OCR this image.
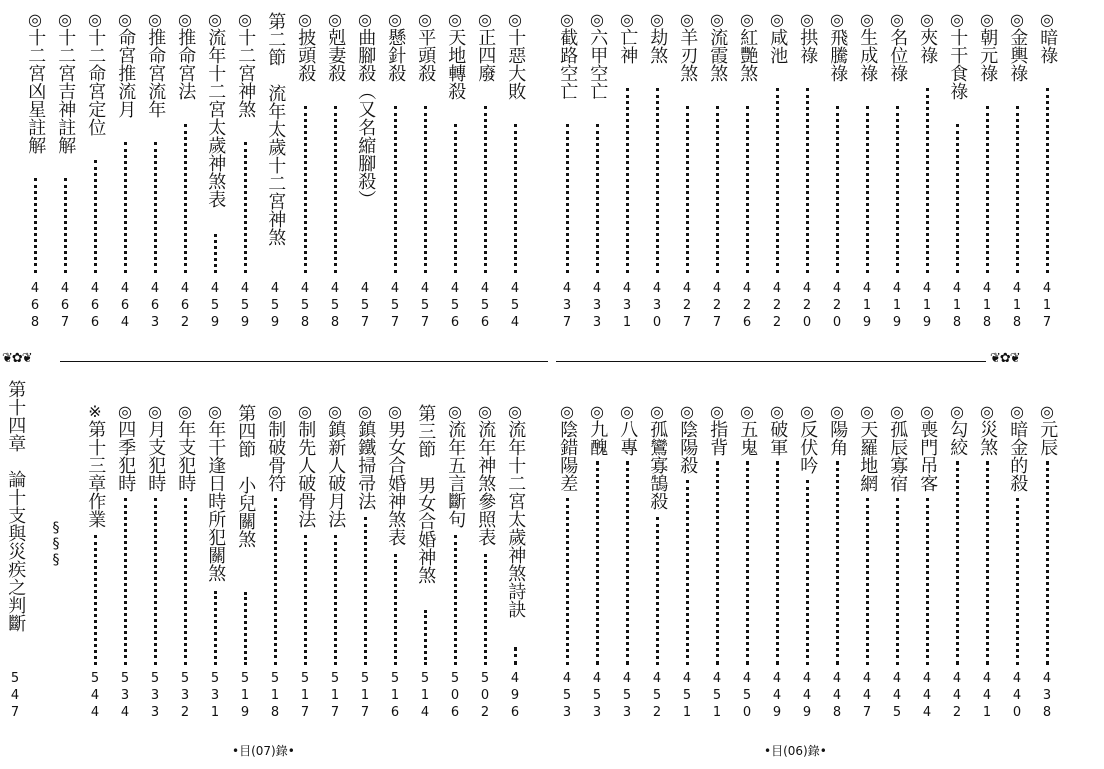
◎
十二宮凶星註解
◎
十二宮吉神註解
◎
十二命宮定位
◎
命宮推流月
◎
推命宮流年
◎
推命宮法
◎
流年十二宮太歲神煞表
◎
十二宮神煞 第二節　流年太歲十二宮神煞 ◎
披頭殺
◎
剋妻殺
◎
曲腳殺（又名縮腳殺）
◎
懸針殺
◎
平頭殺
◎
天地轉殺
◎
正四廢
◎
十惡大敗
◎
截路空亡
◎
六甲空亡
◎
亡神
◎
劫煞
◎
羊刃煞
◎
流霞煞
◎
紅艷煞
◎
咸池
◎
拱祿
◎
飛騰祿
◎
生成祿
◎
名位祿
◎
夾祿
◎
十干食祿
◎
朝元祿
◎
金輿祿
◎
暗祿
4
6
8
4
6
7
4
6
6
4
6
4
4
6
3
4
6
2
4
5
9
4
5
9
4
5
9
4
5
8
4
5
8
4
5
7
4
5
7
4
5
7
4
5
6
4
5
6
4
5
4
4
3
7
4
3
3
4
3
1
4
3
0
4
2
7
4
2
7
4
2
6
4
2
2
4
2
0
4
2
0
4
1
9
4
1
9
4
1
9
4
1
8
4
1
8
4
1
8
4
1
7
❦✿❦	❦✿❦
第十四章　論十支與災疾之判斷 §§§
※
第十三章作業
◎
四季犯時
◎
月支犯時
◎
年支犯時
◎
年干逢日時所犯關煞 第四節　小兒關煞 ◎
制破骨符
◎
制先人破骨法
◎
鎮新人破月法
◎
鎮鐵掃帚法
◎
男女合婚神煞表 第三節　男女合婚神煞 ◎
流年五言斷句
◎
流年神煞參照表
◎
流年十二宮太歲神煞詩訣
◎
陰錯陽差
◎
九醜
◎
八專
◎
孤鸞寡鵠殺
◎
陰陽殺
◎
指背
◎
五鬼
◎
破軍
◎
反伏吟
◎
陽角
◎
天羅地網
◎
孤辰寡宿
◎
喪門吊客
◎
勾絞
◎
災煞
◎
暗金的殺
◎
元辰
5
4
7
5
4
4
5
3
4
5
3
3
5
3
2
5
3
1
5
1
9
5
1
8
5
1
7
5
1
7
5
1
7
5
1
6
5
1
4
5
0
6
5
0
2
4
9
6
4
5
3
4
5
3
4
5
3
4
5
2
4
5
1
4
5
1
4
5
0
4
4
9
4
4
9
4
4
8
4
4
7
4
4
5
4
4
4
4
4
2
4
4
1
4
4
0
4
3
8
•目(07)錄•	•目(06)錄•
